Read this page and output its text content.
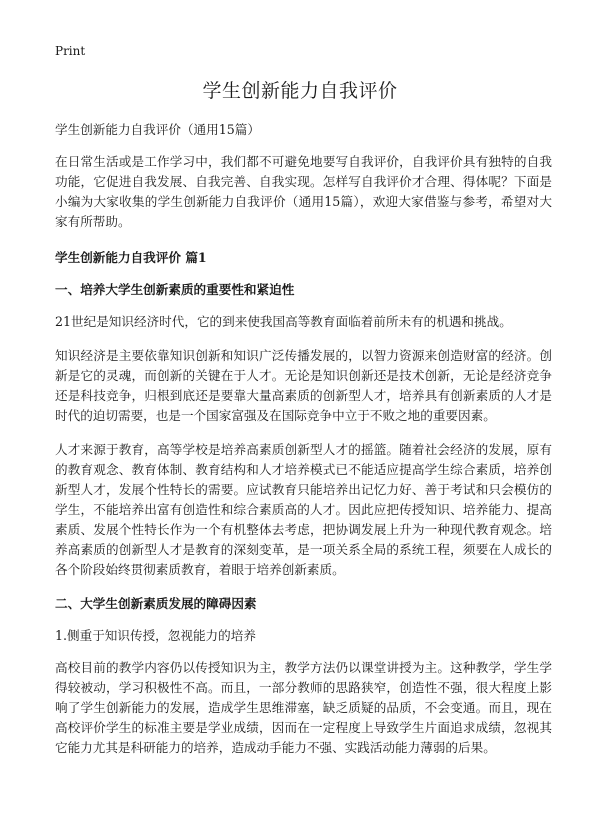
Print
学生创新能力自我评价

学生创新能力自我评价（通用15篇）

在日常生活或是工作学习中，我们都不可避免地要写自我评价，自我评价具有独特的自我功能，它促进自我发展、自我完善、自我实现。怎样写自我评价才合理、得体呢？下面是小编为大家收集的学生创新能力自我评价（通用15篇），欢迎大家借鉴与参考，希望对大家有所帮助。

学生创新能力自我评价 篇1
一、培养大学生创新素质的重要性和紧迫性

21世纪是知识经济时代，它的到来使我国高等教育面临着前所未有的机遇和挑战。

知识经济是主要依靠知识创新和知识广泛传播发展的，以智力资源来创造财富的经济。创新是它的灵魂，而创新的关键在于人才。无论是知识创新还是技术创新，无论是经济竞争还是科技竞争，归根到底还是要靠大量高素质的创新型人才，培养具有创新素质的人才是时代的迫切需要，也是一个国家富强及在国际竞争中立于不败之地的重要因素。

人才来源于教育，高等学校是培养高素质创新型人才的摇篮。随着社会经济的发展，原有的教育观念、教育体制、教育结构和人才培养模式已不能适应提高学生综合素质，培养创新型人才，发展个性特长的需要。应试教育只能培养出记忆力好、善于考试和只会模仿的学生，不能培养出富有创造性和综合素质高的人才。因此应把传授知识、培养能力、提高素质、发展个性特长作为一个有机整体去考虑，把协调发展上升为一种现代教育观念。培养高素质的创新型人才是教育的深刻变革，是一项关系全局的系统工程，须要在人成长的各个阶段始终贯彻素质教育，着眼于培养创新素质。

二、大学生创新素质发展的障碍因素

1.侧重于知识传授，忽视能力的培养

高校目前的教学内容仍以传授知识为主，教学方法仍以课堂讲授为主。这种教学，学生学得较被动，学习积极性不高。而且，一部分教师的思路狭窄，创造性不强，很大程度上影响了学生创新能力的发展，造成学生思维滞塞，缺乏质疑的品质，不会变通。而且，现在高校评价学生的标准主要是学业成绩，因而在一定程度上导致学生片面追求成绩，忽视其它能力尤其是科研能力的培养，造成动手能力不强、实践活动能力薄弱的后果。
